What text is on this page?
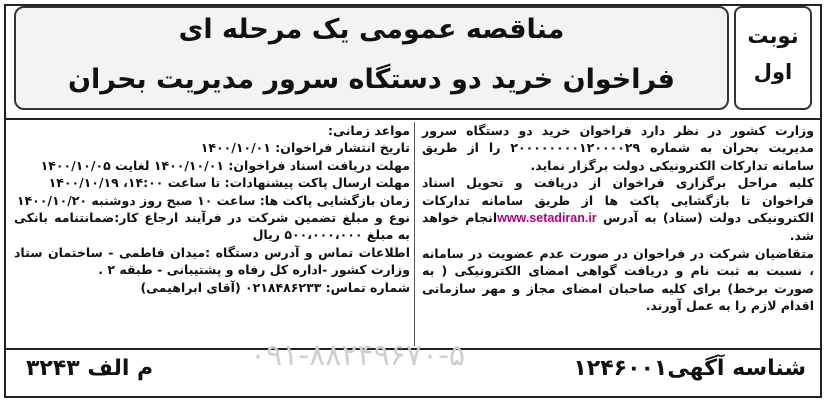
مناقصه عمومی یک مرحله ای
فراخوان خرید دو دستگاه سرور مدیریت بحران
نوبت
اول

وزارت کشور در نظر دارد فراخوان خرید دو دستگاه سرور مدیریت بحران به شماره ۲۰۰۰۰۰۰۰۰۱۲۰۰۰۰۲۹ را از طریق سامانه تدارکات الکترونیکی دولت برگزار نماید.

کلیه مراحل برگزاری فراخوان از دریافت و تحویل اسناد فراخوان تا بازگشایی پاکت ها از طریق سامانه تدارکات الکترونیکی دولت (ستاد) به آدرس www.setadiran.irانجام خواهد شد.

متقاضیان شرکت در فراخوان در صورت عدم عضویت در سامانه ، نسبت به ثبت نام و دریافت گواهی امضای الکترونیکی ( به صورت برخط) برای کلیه صاحبان امضای مجاز و مهر سازمانی اقدام لازم را به عمل آورند.

مواعد زمانی:

تاریخ انتشار فراخوان: ۱۴۰۰/۱۰/۰۱

مهلت دریافت اسناد فراخوان: ۱۴۰۰/۱۰/۰۱ لغایت ۱۴۰۰/۱۰/۰۵

مهلت ارسال پاکت پیشنهادات: تا ساعت ۱۴:۰۰، ۱۴۰۰/۱۰/۱۹

زمان بازگشایی پاکت ها: ساعت ۱۰ صبح روز دوشنبه ۱۴۰۰/۱۰/۲۰

نوع و مبلغ تضمین شرکت در فرآیند ارجاع کار:ضمانتنامه بانکی به مبلغ ۵۰۰،۰۰۰،۰۰۰ ریال

اطلاعات تماس و آدرس دستگاه :میدان فاطمی - ساختمان ستاد وزارت کشور -اداره کل رفاه و پشتیبانی - طبقه ۲ .

شماره تماس: ۰۲۱۸۴۸۶۲۳۳ (آقای ابراهیمی)

۰۹۱-۸۸۲۴۹۶۷۰-۵	شناسه آگهی۱۲۴۶۰۰۱
م الف ۳۲۴۳
